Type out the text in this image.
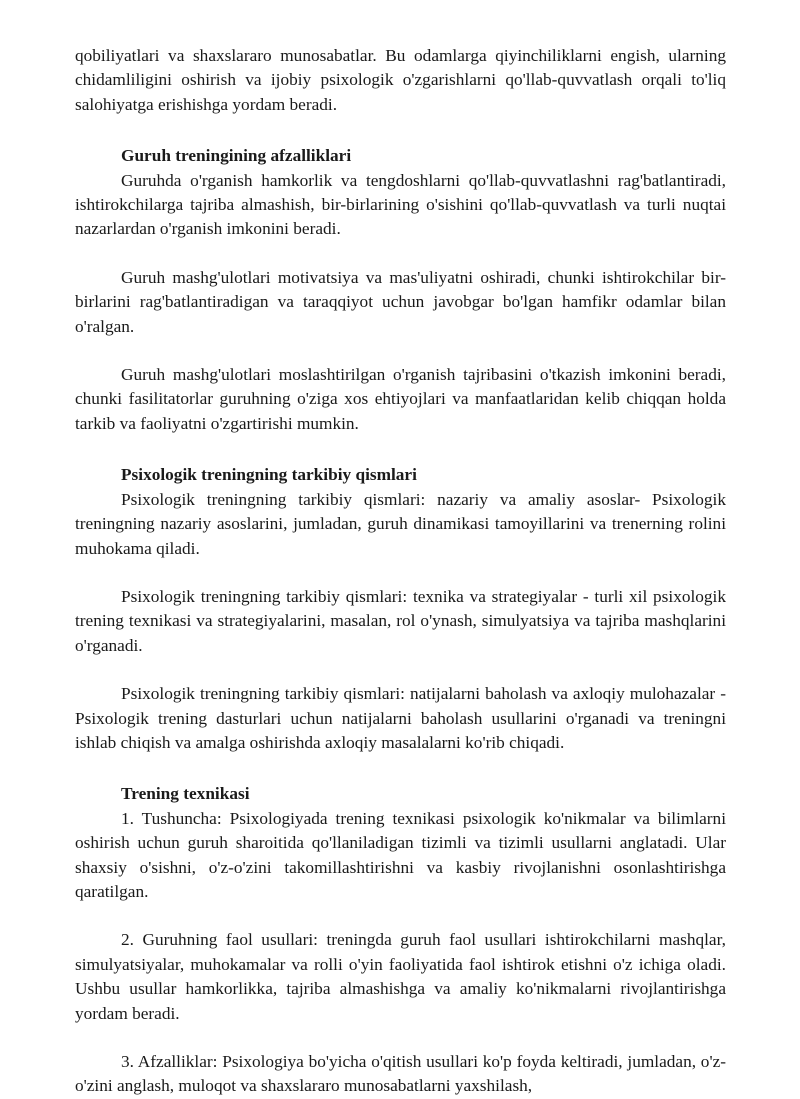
qobiliyatlari va shaxslararo munosabatlar. Bu odamlarga qiyinchiliklarni engish, ularning chidamliligini oshirish va ijobiy psixologik o'zgarishlarni qo'llab-quvvatlash orqali to'liq salohiyatga erishishga yordam beradi.

Guruh treningining afzalliklari

Guruhda o'rganish hamkorlik va tengdoshlarni qo'llab-quvvatlashni rag'batlantiradi, ishtirokchilarga tajriba almashish, bir-birlarining o'sishini qo'llab-quvvatlash va turli nuqtai nazarlardan o'rganish imkonini beradi.

Guruh mashg'ulotlari motivatsiya va mas'uliyatni oshiradi, chunki ishtirokchilar bir-birlarini rag'batlantiradigan va taraqqiyot uchun javobgar bo'lgan hamfikr odamlar bilan o'ralgan.

Guruh mashg'ulotlari moslashtirilgan o'rganish tajribasini o'tkazish imkonini beradi, chunki fasilitatorlar guruhning o'ziga xos ehtiyojlari va manfaatlaridan kelib chiqqan holda tarkib va faoliyatni o'zgartirishi mumkin.

Psixologik treningning tarkibiy qismlari

Psixologik treningning tarkibiy qismlari: nazariy va amaliy asoslar- Psixologik treningning nazariy asoslarini, jumladan, guruh dinamikasi tamoyillarini va trenerning rolini muhokama qiladi.

Psixologik treningning tarkibiy qismlari: texnika va strategiyalar - turli xil psixologik trening texnikasi va strategiyalarini, masalan, rol o'ynash, simulyatsiya va tajriba mashqlarini o'rganadi.

Psixologik treningning tarkibiy qismlari: natijalarni baholash va axloqiy mulohazalar - Psixologik trening dasturlari uchun natijalarni baholash usullarini o'rganadi va treningni ishlab chiqish va amalga oshirishda axloqiy masalalarni ko'rib chiqadi.

Trening texnikasi

1. Tushuncha: Psixologiyada trening texnikasi psixologik ko'nikmalar va bilimlarni oshirish uchun guruh sharoitida qo'llaniladigan tizimli va tizimli usullarni anglatadi. Ular shaxsiy o'sishni, o'z-o'zini takomillashtirishni va kasbiy rivojlanishni osonlashtirishga qaratilgan.

2. Guruhning faol usullari: treningda guruh faol usullari ishtirokchilarni mashqlar, simulyatsiyalar, muhokamalar va rolli o'yin faoliyatida faol ishtirok etishni o'z ichiga oladi. Ushbu usullar hamkorlikka, tajriba almashishga va amaliy ko'nikmalarni rivojlantirishga yordam beradi.

3. Afzalliklar: Psixologiya bo'yicha o'qitish usullari ko'p foyda keltiradi, jumladan, o'z-o'zini anglash, muloqot va shaxslararo munosabatlarni yaxshilash,
